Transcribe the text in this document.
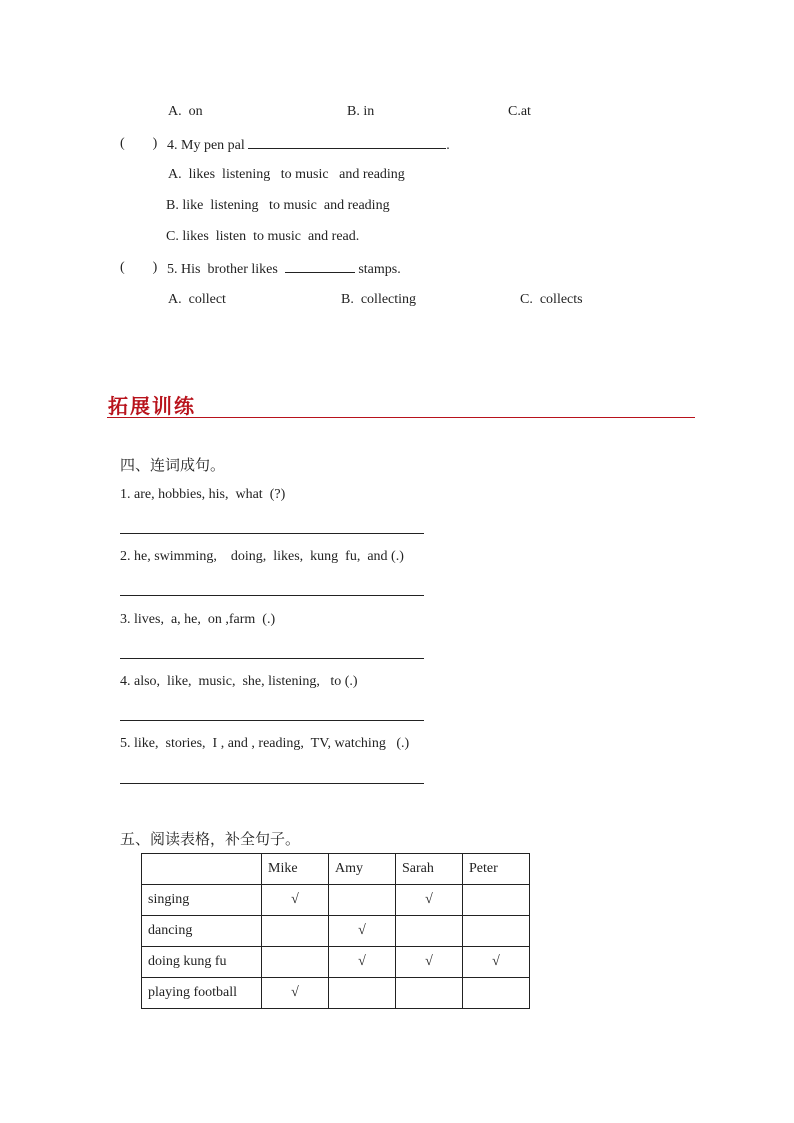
A.  on	B. in	C.at
(        ) 4. My pen pal	.
A.  likes  listening   to music   and reading
B. like  listening   to music  and reading
C. likes  listen  to music  and read.
(        ) 5. His  brother likes	stamps.
A.  collect	B.  collecting	C.  collects
拓展训练
四、连词成句。
1. are, hobbies, his,  what  (?)
2. he, swimming,    doing,  likes,  kung  fu,  and (.)
3. lives,  a, he,  on ,farm  (.)
4. also,  like,  music,  she, listening,   to (.)
5. like,  stories,  I , and , reading,  TV, watching   (.)
五、阅读表格，补全句子。
	Mike	Amy	Sarah	Peter
singing	√		√	
dancing		√		
doing kung fu		√	√	√
playing football	√			
